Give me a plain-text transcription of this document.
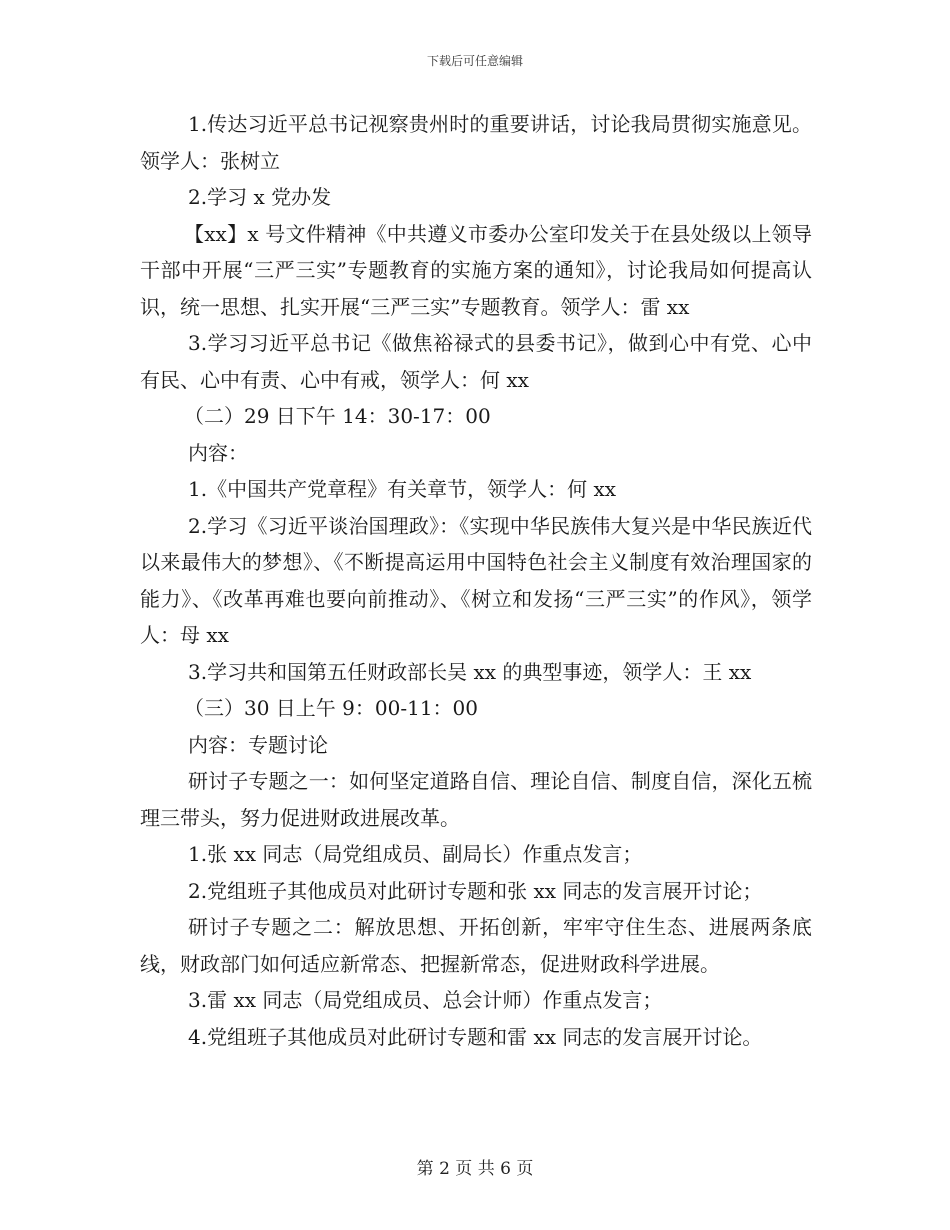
下载后可任意编辑

1.传达习近平总书记视察贵州时的重要讲话，讨论我局贯彻实施意见。领学人：张树立

2.学习 x 党办发

【xx】x 号文件精神《中共遵义市委办公室印发关于在县处级以上领导干部中开展“三严三实”专题教育的实施方案的通知》，讨论我局如何提高认识，统一思想、扎实开展“三严三实”专题教育。领学人：雷 xx

3.学习习近平总书记《做焦裕禄式的县委书记》，做到心中有党、心中有民、心中有责、心中有戒，领学人：何 xx

（二）29 日下午 14：30-17：00

内容：

1.《中国共产党章程》有关章节，领学人：何 xx

2.学习《习近平谈治国理政》：《实现中华民族伟大复兴是中华民族近代以来最伟大的梦想》、《不断提高运用中国特色社会主义制度有效治理国家的能力》、《改革再难也要向前推动》、《树立和发扬“三严三实”的作风》，领学人：母 xx

3.学习共和国第五任财政部长吴 xx 的典型事迹，领学人：王 xx

（三）30 日上午 9：00-11：00

内容：专题讨论

研讨子专题之一：如何坚定道路自信、理论自信、制度自信，深化五梳理三带头，努力促进财政进展改革。

1.张 xx 同志（局党组成员、副局长）作重点发言；

2.党组班子其他成员对此研讨专题和张 xx 同志的发言展开讨论；

研讨子专题之二：解放思想、开拓创新，牢牢守住生态、进展两条底线，财政部门如何适应新常态、把握新常态，促进财政科学进展。

3.雷 xx 同志（局党组成员、总会计师）作重点发言；

4.党组班子其他成员对此研讨专题和雷 xx 同志的发言展开讨论。

第 2 页 共 6 页
